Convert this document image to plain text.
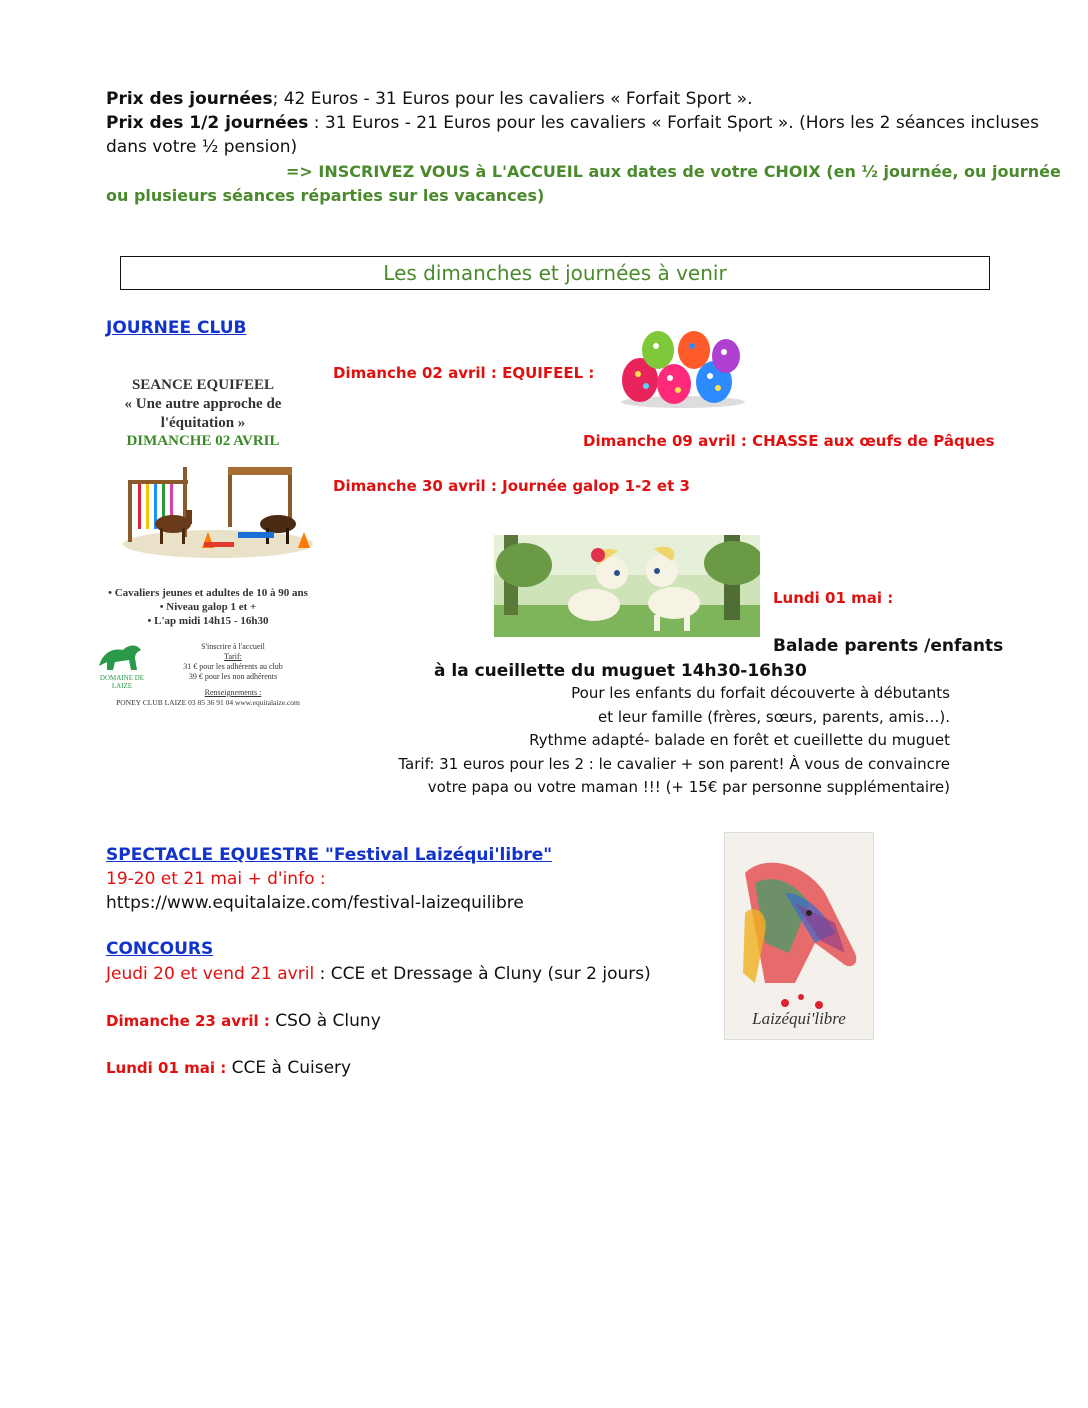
Prix des journées; 42 Euros - 31 Euros pour les cavaliers « Forfait Sport ».
Prix des 1/2 journées : 31 Euros - 21 Euros pour les cavaliers « Forfait Sport ». (Hors les 2 séances incluses
dans votre ½ pension)
=> INSCRIVEZ VOUS à L'ACCUEIL aux dates de votre CHOIX (en ½ journée, ou journée
ou plusieurs séances réparties sur les vacances)
Les dimanches et journées à venir
JOURNEE CLUB
SEANCE EQUIFEEL
« Une autre approche de
l'équitation »
DIMANCHE 02 AVRIL
• Cavaliers jeunes et adultes de 10 à 90 ans
• Niveau galop 1 et +
• L'ap midi 14h15 - 16h30
DOMAINE DE LAIZE
S'inscrire à l'accueil
Tarif:
31 € pour les adhérents au club
39 € pour les non adhérents
Renseignements :
PONEY CLUB LAIZE 03 85 36 91 04 www.equitalaize.com
Dimanche 02 avril : EQUIFEEL :
Dimanche 09 avril : CHASSE aux œufs de Pâques
Dimanche 30 avril : Journée galop 1-2 et 3
Lundi 01 mai :
Balade parents /enfants
à la cueillette du muguet 14h30-16h30
Pour les enfants du forfait découverte à débutants
et leur famille (frères, sœurs, parents, amis…).
Rythme adapté- balade en forêt et cueillette du muguet
Tarif: 31 euros pour les 2 : le cavalier + son parent! À vous de convaincre
votre papa ou votre maman !!! (+ 15€ par personne supplémentaire)
SPECTACLE EQUESTRE "Festival Laizéqui'libre"
19-20 et 21 mai + d'info :
https://www.equitalaize.com/festival-laizequilibre
Laizéqui'libre
CONCOURS
Jeudi 20 et vend 21 avril : CCE et Dressage à Cluny (sur 2 jours)
Dimanche 23 avril : CSO à Cluny
Lundi 01 mai : CCE à Cuisery
